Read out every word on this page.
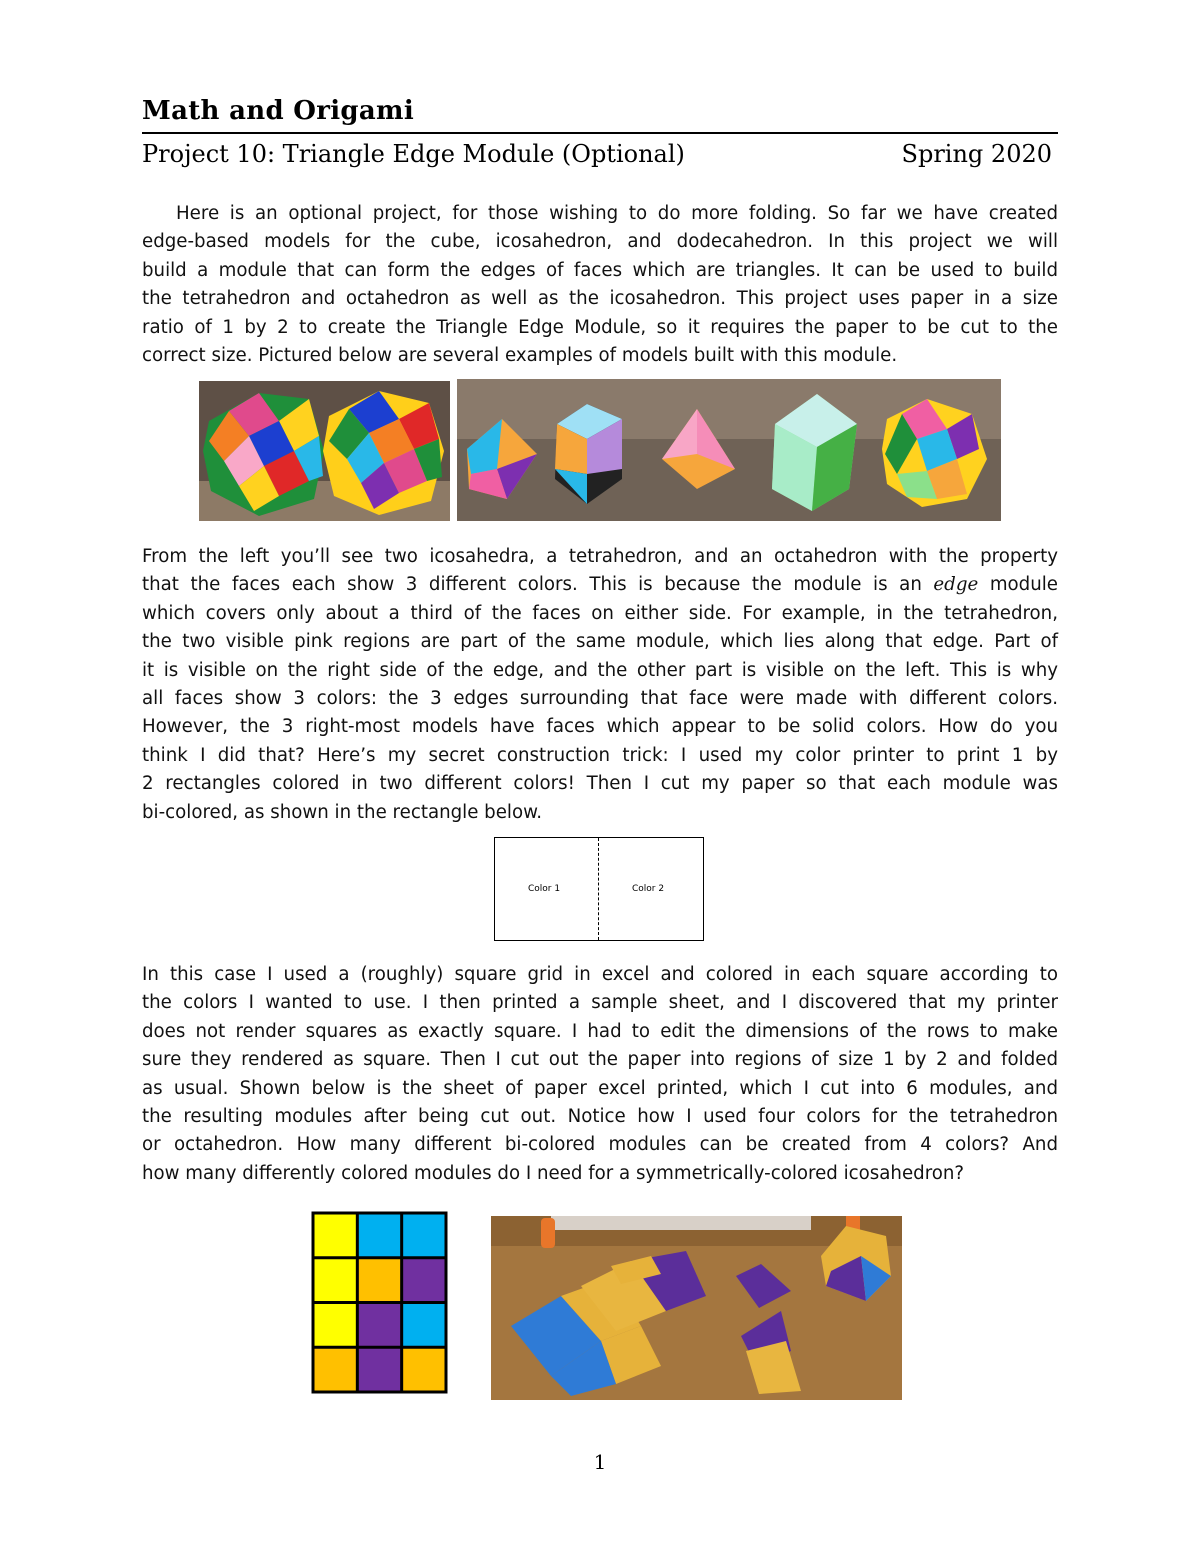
Math and Origami
Project 10: Triangle Edge Module (Optional)	Spring 2020
Here is an optional project, for those wishing to do more folding. So far we have created
edge-based models for the cube, icosahedron, and dodecahedron. In this project we will
build a module that can form the edges of faces which are triangles. It can be used to build
the tetrahedron and octahedron as well as the icosahedron. This project uses paper in a size
ratio of 1 by 2 to create the Triangle Edge Module, so it requires the paper to be cut to the
correct size. Pictured below are several examples of models built with this module.
From the left you’ll see two icosahedra, a tetrahedron, and an octahedron with the property
that the faces each show 3 different colors. This is because the module is an edge module
which covers only about a third of the faces on either side. For example, in the tetrahedron,
the two visible pink regions are part of the same module, which lies along that edge. Part of
it is visible on the right side of the edge, and the other part is visible on the left. This is why
all faces show 3 colors: the 3 edges surrounding that face were made with different colors.
However, the 3 right-most models have faces which appear to be solid colors. How do you
think I did that? Here’s my secret construction trick: I used my color printer to print 1 by
2 rectangles colored in two different colors! Then I cut my paper so that each module was
bi-colored, as shown in the rectangle below.
Color 1	Color 2
In this case I used a (roughly) square grid in excel and colored in each square according to
the colors I wanted to use. I then printed a sample sheet, and I discovered that my printer
does not render squares as exactly square. I had to edit the dimensions of the rows to make
sure they rendered as square. Then I cut out the paper into regions of size 1 by 2 and folded
as usual. Shown below is the sheet of paper excel printed, which I cut into 6 modules, and
the resulting modules after being cut out. Notice how I used four colors for the tetrahedron
or octahedron. How many different bi-colored modules can be created from 4 colors? And
how many differently colored modules do I need for a symmetrically-colored icosahedron?
1
